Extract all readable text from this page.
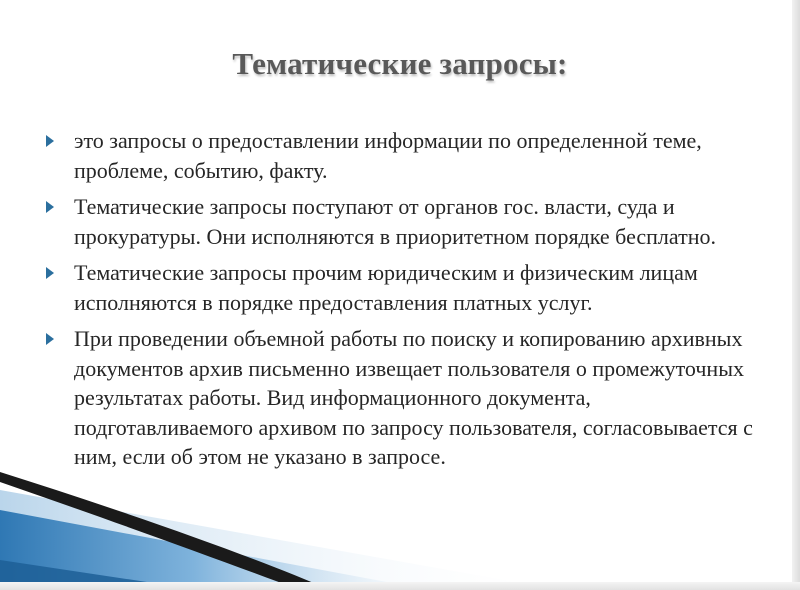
Тематические запросы:
это запросы о предоставлении информации по определенной теме, проблеме, событию, факту.
Тематические запросы поступают от органов гос. власти, суда и прокуратуры. Они исполняются в приоритетном порядке бесплатно.
Тематические запросы прочим юридическим и физическим лицам исполняются в порядке предоставления платных услуг.
При проведении объемной работы по поиску и копированию архивных документов архив письменно извещает пользователя о промежуточных результатах работы. Вид информационного документа, подготавливаемого архивом по запросу пользователя, согласовывается с ним, если об этом не указано в запросе.
